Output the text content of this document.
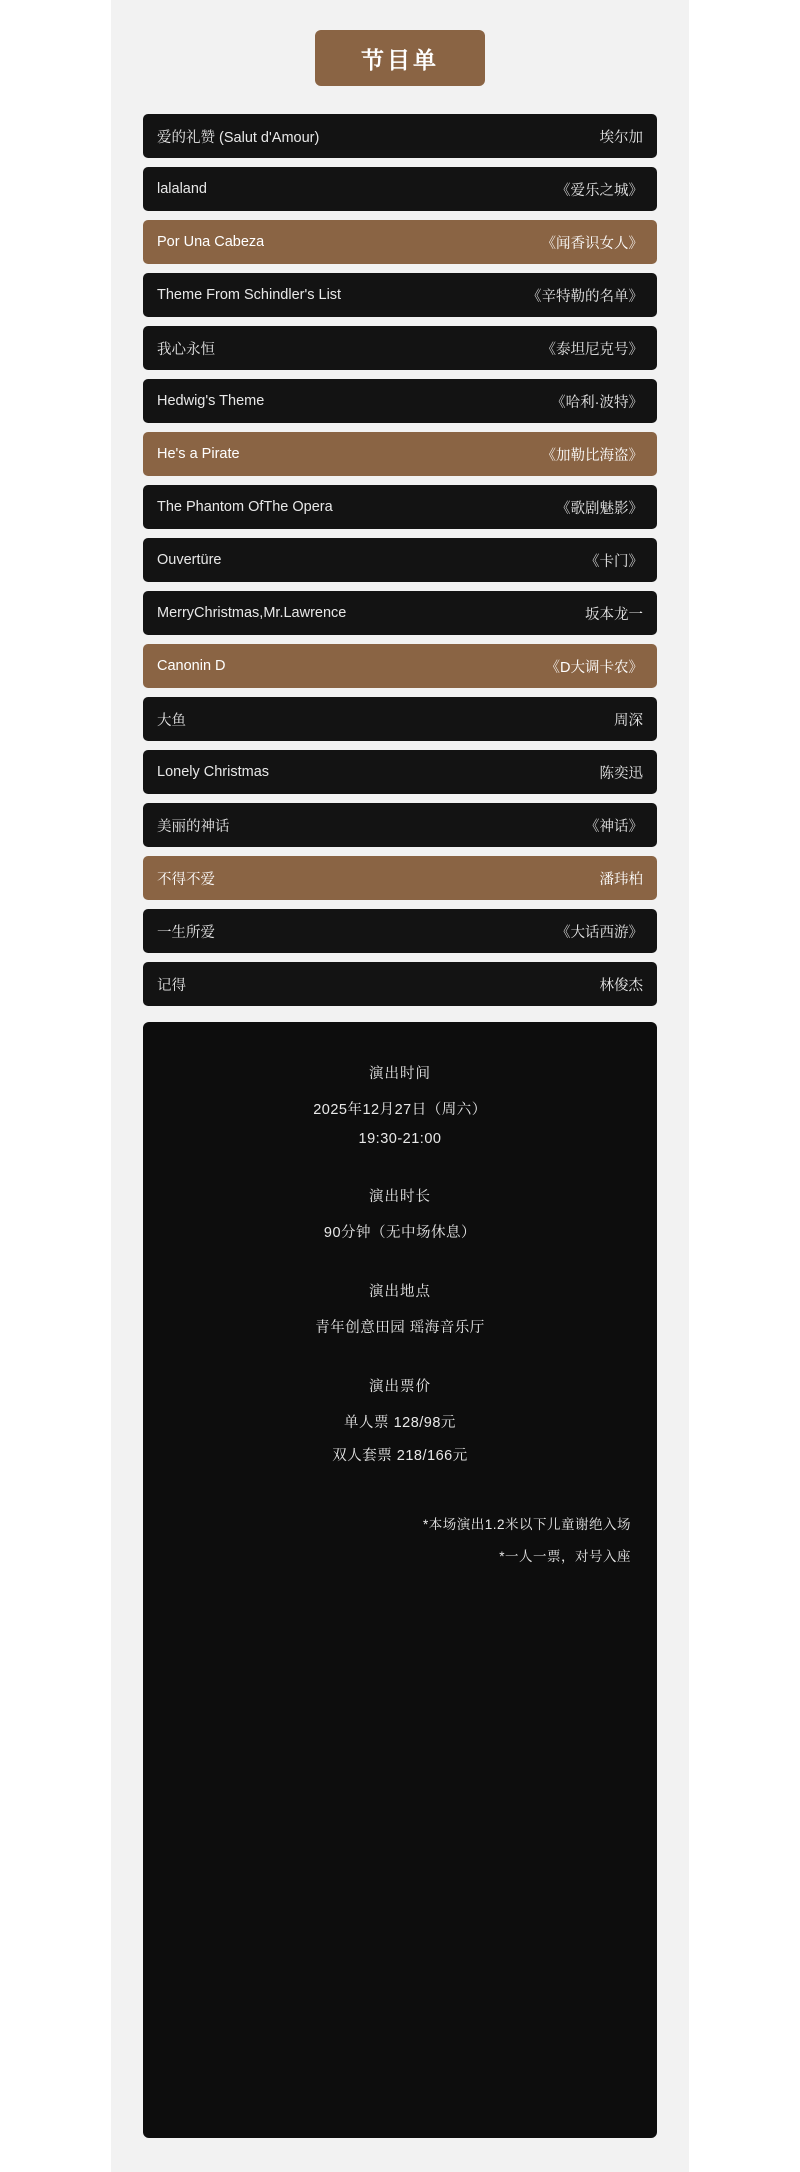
节目单
爱的礼赞 (Salut d'Amour)	埃尔加
lalaland	《爱乐之城》
Por Una Cabeza	《闻香识女人》
Theme From Schindler's List	《辛特勒的名单》
我心永恒	《泰坦尼克号》
Hedwig's Theme	《哈利·波特》
He's a Pirate	《加勒比海盗》
The Phantom OfThe Opera	《歌剧魅影》
Ouvertüre	《卡门》
MerryChristmas,Mr.Lawrence	坂本龙一
Canonin D	《D大调卡农》
大鱼	周深
Lonely Christmas	陈奕迅
美丽的神话	《神话》
不得不爱	潘玮柏
一生所爱	《大话西游》
记得	林俊杰
演出时间
2025年12月27日（周六）
19:30-21:00
演出时长
90分钟（无中场休息）
演出地点
青年创意田园 瑶海音乐厅
演出票价
单人票 128/98元
双人套票 218/166元
*本场演出1.2米以下儿童谢绝入场
*一人一票，对号入座
